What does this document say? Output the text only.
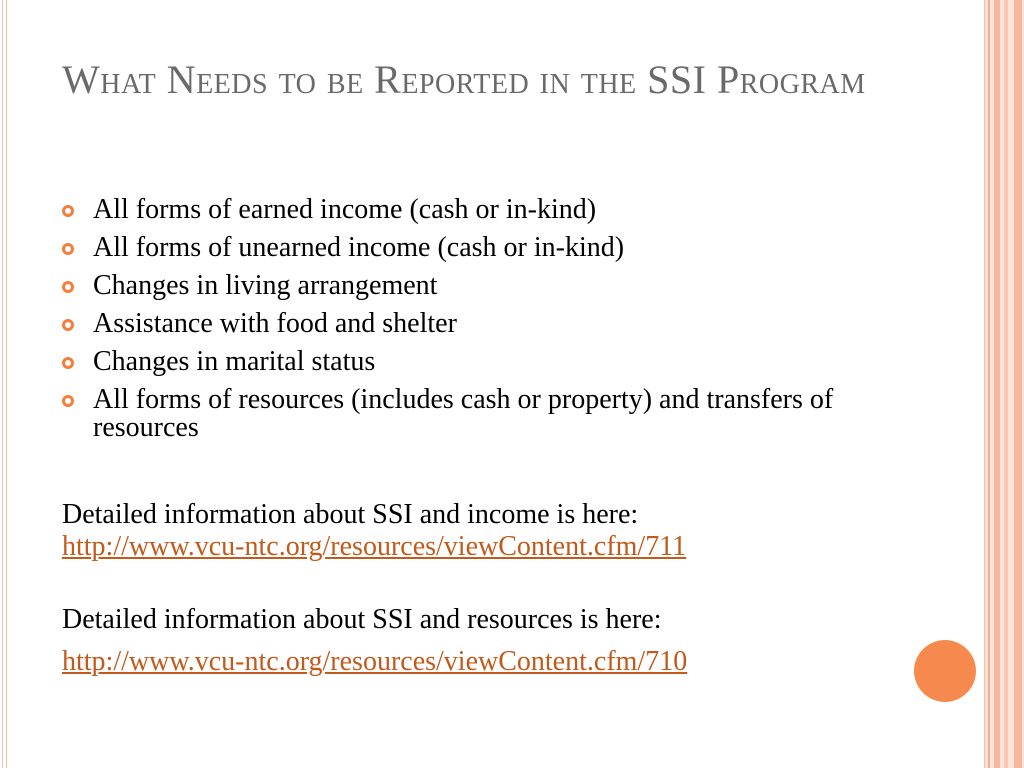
What Needs to be Reported in the SSI Program
All forms of earned income (cash or in-kind)
All forms of unearned income (cash or in-kind)
Changes in living arrangement
Assistance with food and shelter
Changes in marital status
All forms of resources (includes cash or property) and transfers of resources
Detailed information about SSI and income is here:
http://www.vcu-ntc.org/resources/viewContent.cfm/711
Detailed information about SSI and resources is here:
http://www.vcu-ntc.org/resources/viewContent.cfm/710
